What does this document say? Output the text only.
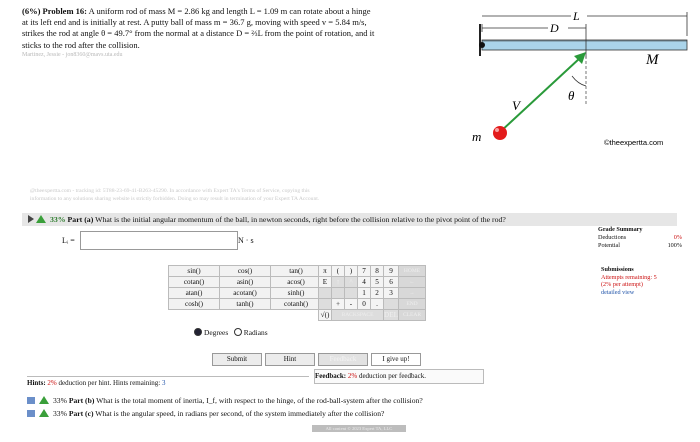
(6%) Problem 16: A uniform rod of mass M = 2.86 kg and length L = 1.09 m can rotate about a hinge
at its left end and is initially at rest. A putty ball of mass m = 36.7 g, moving with speed v = 5.84 m/s,
strikes the rod at angle θ = 49.7° from the normal at a distance D = ⅔L from the point of rotation, and it
sticks to the rod after the collision.
Martinez, Jessie - jon8360@mavs.uta.edu
D
L
M
V
θ
m	©theexpertta.com
@theexpertta.com - tracking id: 5T88-23-69-41-B263-45290. In accordance with Expert TA's Terms of Service, copying this
information to any solutions sharing website is strictly forbidden. Doing so may result in termination of your Expert TA Account.
33% Part (a) What is the initial angular momentum of the ball, in newton seconds, right before the collision relative to the pivot point of the rod?
Lᵢ =	N · s
Grade Summary
Deductions	0%
Potential	100%
Submissions
Attempts remaining: 5
(2% per attempt)
detailed view
sin()	cos()	tan()
cotan()	asin()	acos()
atan()	acotan()	sinh()
cosh()	tanh()	cotanh()
Degrees Radians
π	(	)	7	8	9	HOME
E	↑	^	4	5	6	←
			1	2	3	→
	+	-	0	.		END
√()	BACKSPACE				DEL	CLEAR
Submit	Hint	Feedback	I give up!
Hints: 2% deduction per hint. Hints remaining: 3
Feedback: 2% deduction per feedback.
33% Part (b) What is the total moment of inertia, I_f, with respect to the hinge, of the rod-ball-system after the collision?
33% Part (c) What is the angular speed, in radians per second, of the system immediately after the collision?
All content © 2023 Expert TA, LLC
